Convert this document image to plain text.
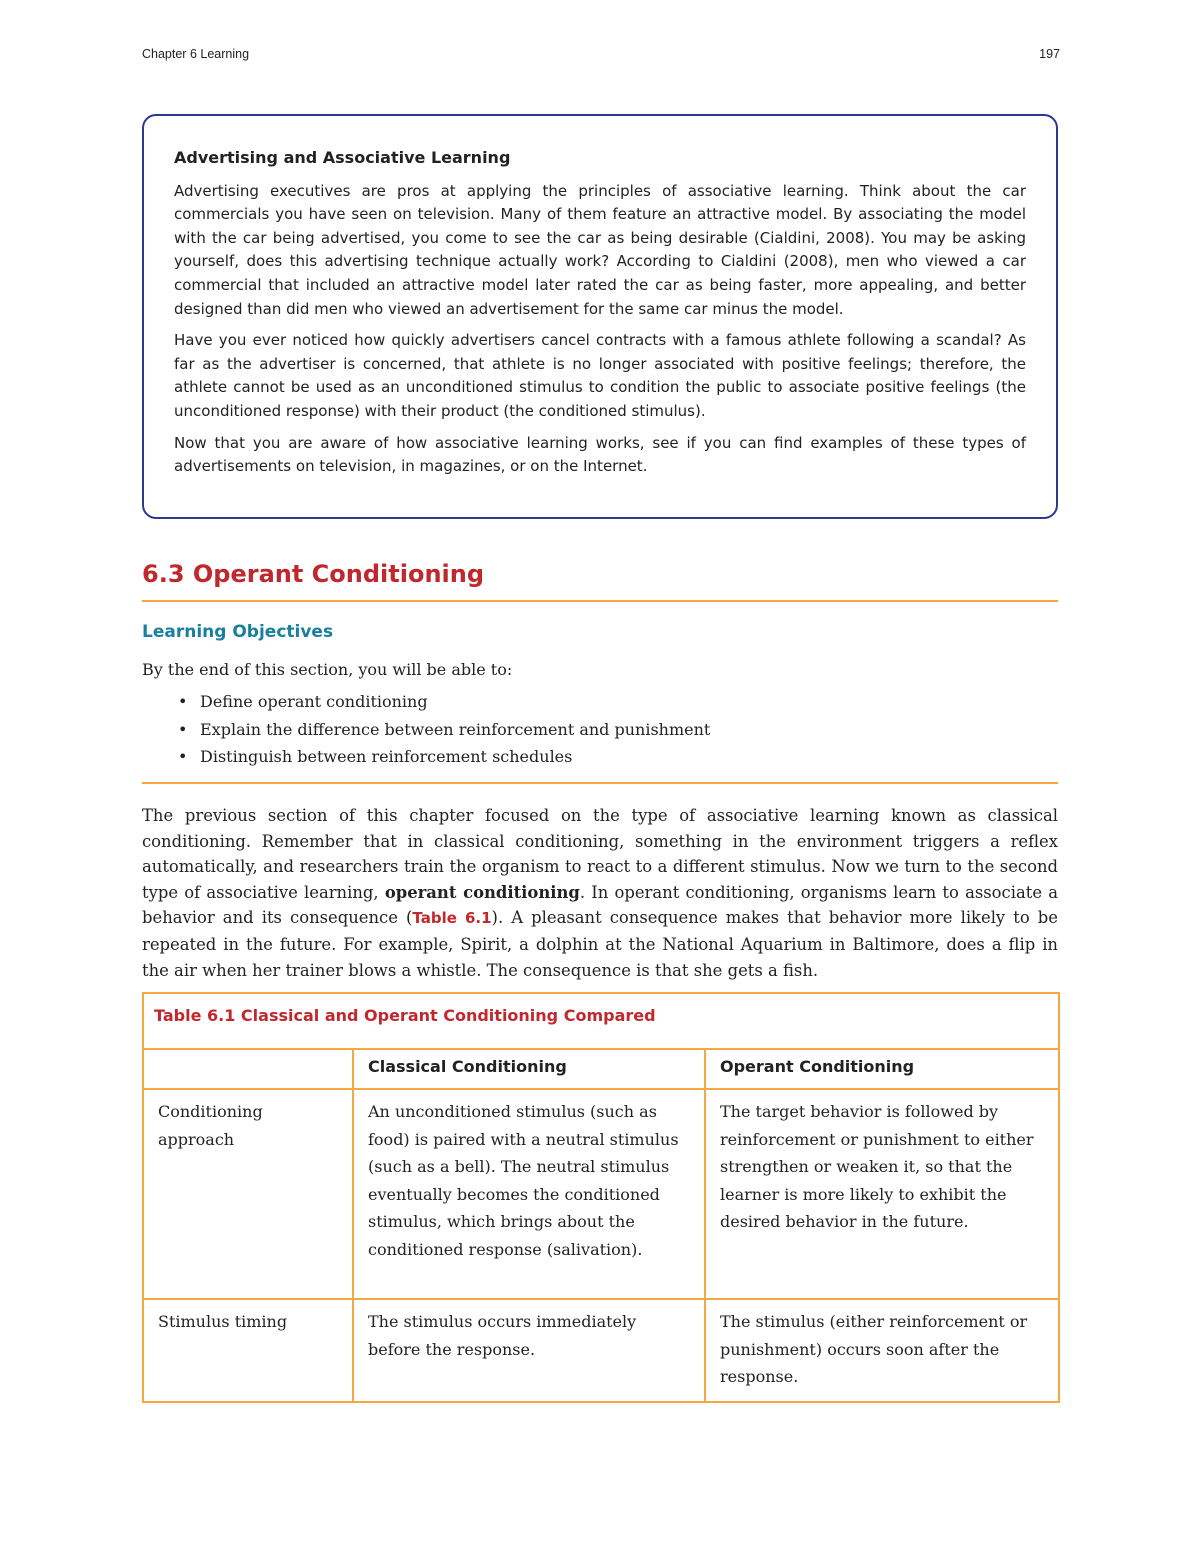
Chapter 6 Learning	197
Advertising and Associative Learning

Advertising executives are pros at applying the principles of associative learning. Think about the car commercials you have seen on television. Many of them feature an attractive model. By associating the model with the car being advertised, you come to see the car as being desirable (Cialdini, 2008). You may be asking yourself, does this advertising technique actually work? According to Cialdini (2008), men who viewed a car commercial that included an attractive model later rated the car as being faster, more appealing, and better designed than did men who viewed an advertisement for the same car minus the model.

Have you ever noticed how quickly advertisers cancel contracts with a famous athlete following a scandal? As far as the advertiser is concerned, that athlete is no longer associated with positive feelings; therefore, the athlete cannot be used as an unconditioned stimulus to condition the public to associate positive feelings (the unconditioned response) with their product (the conditioned stimulus).

Now that you are aware of how associative learning works, see if you can find examples of these types of advertisements on television, in magazines, or on the Internet.

6.3 Operant Conditioning
Learning Objectives

By the end of this section, you will be able to:

• Define operant conditioning
• Explain the difference between reinforcement and punishment
• Distinguish between reinforcement schedules

The previous section of this chapter focused on the type of associative learning known as classical conditioning. Remember that in classical conditioning, something in the environment triggers a reflex automatically, and researchers train the organism to react to a different stimulus. Now we turn to the second type of associative learning, operant conditioning. In operant conditioning, organisms learn to associate a behavior and its consequence (Table 6.1). A pleasant consequence makes that behavior more likely to be repeated in the future. For example, Spirit, a dolphin at the National Aquarium in Baltimore, does a flip in the air when her trainer blows a whistle. The consequence is that she gets a fish.

Table 6.1 Classical and Operant Conditioning Compared		
	Classical Conditioning	Operant Conditioning
Conditioning approach	An unconditioned stimulus (such as food) is paired with a neutral stimulus (such as a bell). The neutral stimulus eventually becomes the conditioned stimulus, which brings about the conditioned response (salivation).	The target behavior is followed by reinforcement or punishment to either strengthen or weaken it, so that the learner is more likely to exhibit the desired behavior in the future.
Stimulus timing	The stimulus occurs immediately before the response.	The stimulus (either reinforcement or punishment) occurs soon after the response.
